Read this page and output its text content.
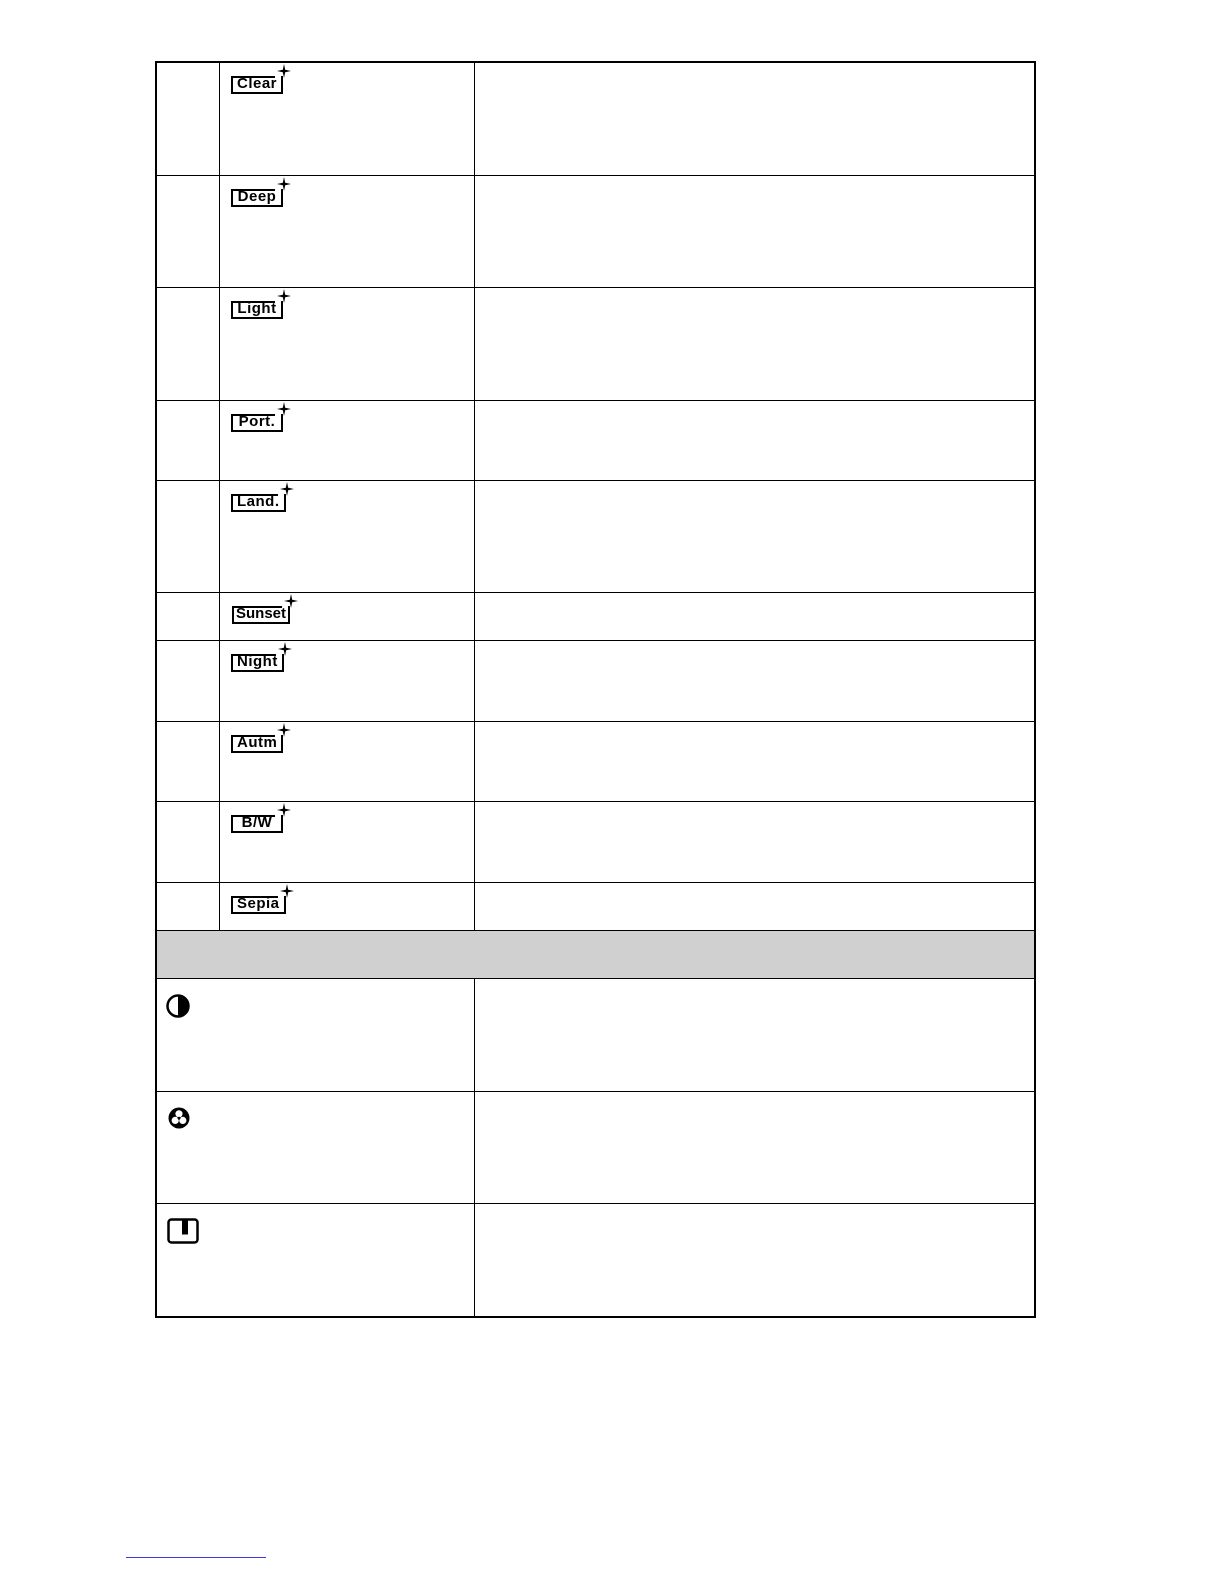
Clear
Deep
Light
Port.
Land.
Sunset
Night
Autm
B/W
Sepia
